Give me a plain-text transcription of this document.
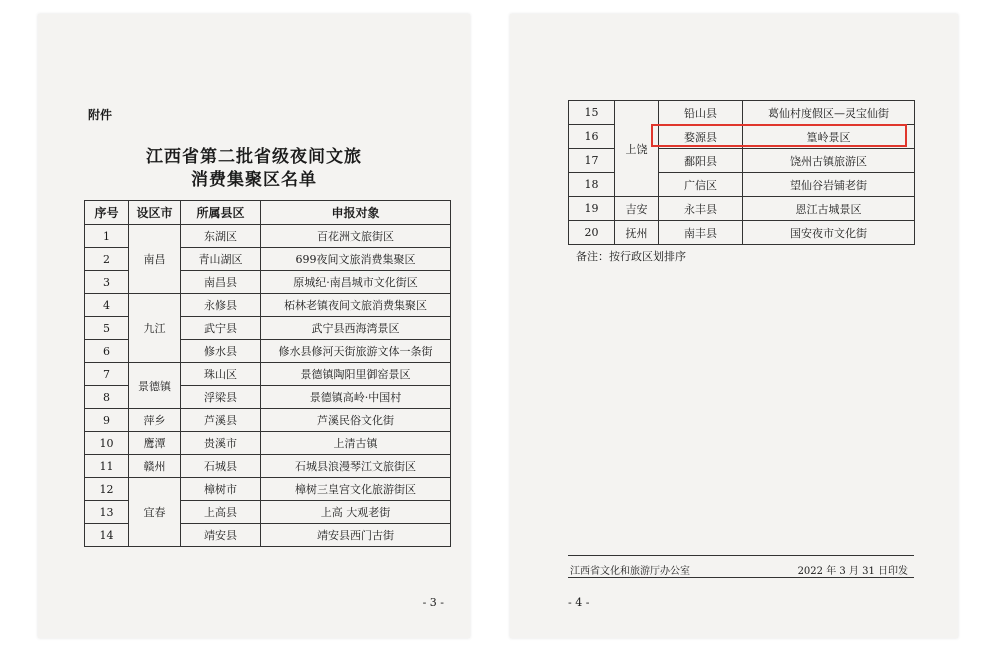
附件
江西省第二批省级夜间文旅
消费集聚区名单
序号	设区市	所属县区	申报对象
1	南昌	东湖区	百花洲文旅街区
2		青山湖区	699夜间文旅消费集聚区
3		南昌县	原城纪·南昌城市文化街区
4	九江	永修县	柘林老镇夜间文旅消费集聚区
5		武宁县	武宁县西海湾景区
6		修水县	修水县修河天街旅游文体一条街
7	景德镇	珠山区	景德镇陶阳里御窑景区
8		浮梁县	景德镇高岭·中国村
9	萍乡	芦溪县	芦溪民俗文化街
10	鹰潭	贵溪市	上清古镇
11	赣州	石城县	石城县浪漫琴江文旅街区
12	宜春	樟树市	樟树三皇宫文化旅游街区
13		上高县	上高 大观老街
14		靖安县	靖安县西门古街
- 3 -
15	上饶	铅山县	葛仙村度假区—灵宝仙街
16		婺源县	篁岭景区
17		鄱阳县	饶州古镇旅游区
18		广信区	望仙谷岩铺老街
19	吉安	永丰县	恩江古城景区
20	抚州	南丰县	国安夜市文化街
备注：按行政区划排序
江西省文化和旅游厅办公室	2022 年 3 月 31 日印发
- 4 -
